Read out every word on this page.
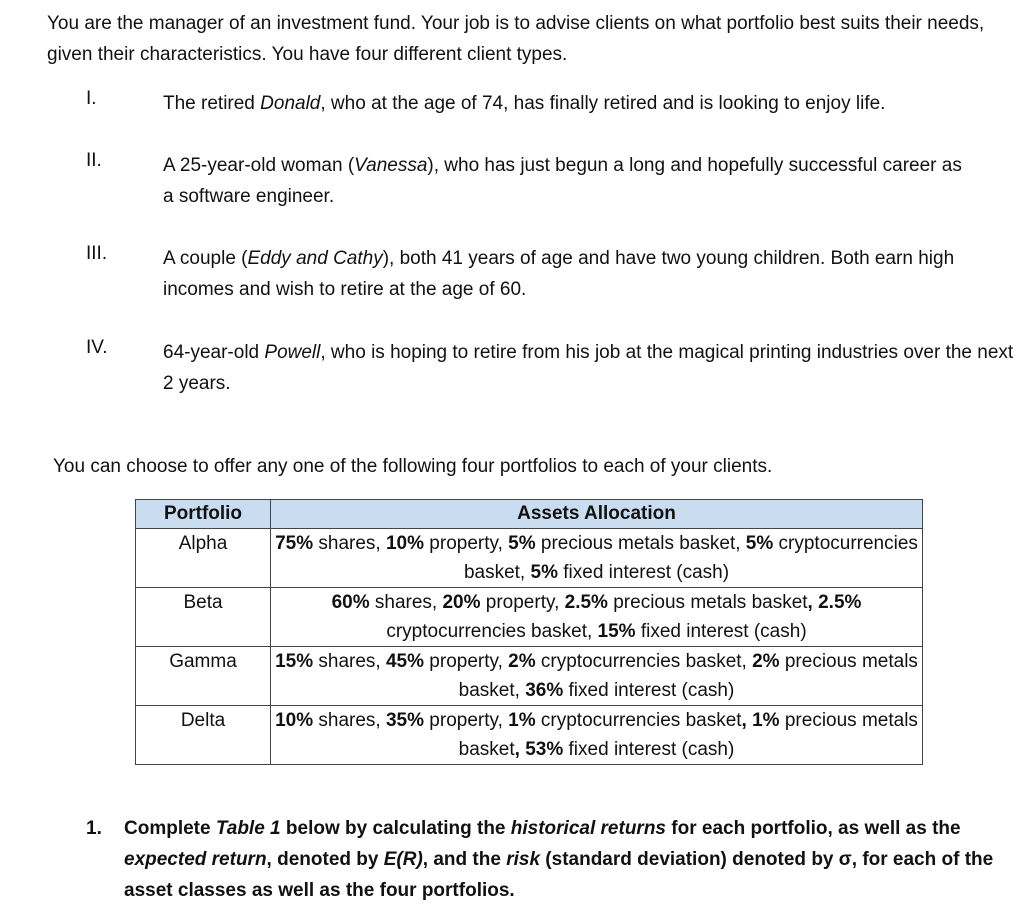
You are the manager of an investment fund. Your job is to advise clients on what portfolio best suits their needs, given their characteristics. You have four different client types.

I.	The retired Donald, who at the age of 74, has finally retired and is looking to enjoy life.
II.	A 25-year-old woman (Vanessa), who has just begun a long and hopefully successful career as a software engineer.
III.	A couple (Eddy and Cathy), both 41 years of age and have two young children. Both earn high incomes and wish to retire at the age of 60.
IV.	64-year-old Powell, who is hoping to retire from his job at the magical printing industries over the next 2 years.

You can choose to offer any one of the following four portfolios to each of your clients.

Portfolio	Assets Allocation
Alpha	75% shares, 10% property, 5% precious metals basket, 5% cryptocurrencies basket, 5% fixed interest (cash)
Beta	60% shares, 20% property, 2.5% precious metals basket, 2.5% cryptocurrencies basket, 15% fixed interest (cash)
Gamma	15% shares, 45% property, 2% cryptocurrencies basket, 2% precious metals basket, 36% fixed interest (cash)
Delta	10% shares, 35% property, 1% cryptocurrencies basket, 1% precious metals basket, 53% fixed interest (cash)
1. Complete Table 1 below by calculating the historical returns for each portfolio, as well as the expected return, denoted by E(R), and the risk (standard deviation) denoted by σ, for each of the asset classes as well as the four portfolios.
